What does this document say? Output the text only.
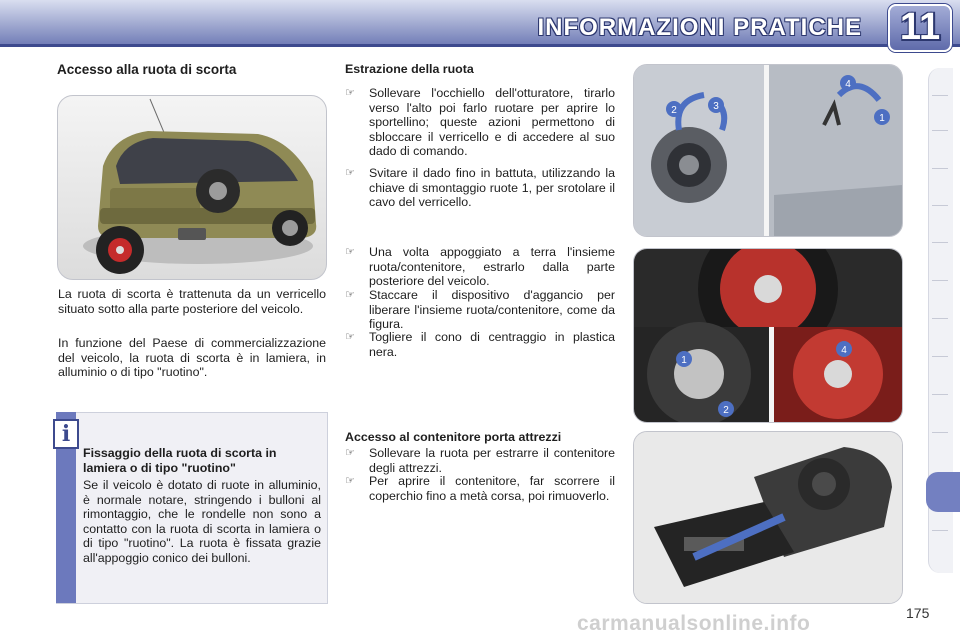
INFORMAZIONI PRATICHE 11
Accesso alla ruota di scorta
La ruota di scorta è trattenuta da un verricello situato sotto alla parte posteriore del veicolo.
In funzione del Paese di commercializzazione del veicolo, la ruota di scorta è in lamiera, in alluminio o di tipo "ruotino".
i
Fissaggio della ruota di scorta in lamiera o di tipo "ruotino"
Se il veicolo è dotato di ruote in alluminio, è normale notare, stringendo i bulloni al rimontaggio, che le rondelle non sono a contatto con la ruota di scorta in lamiera o di tipo "ruotino". La ruota è fissata grazie all'appoggio conico dei bulloni.
Estrazione della ruota
☞	Sollevare l'occhiello dell'otturatore, tirarlo verso l'alto poi farlo ruotare per aprire lo sportellino; queste azioni permettono di sbloccare il verricello e di accedere al suo dado di comando.
☞	Svitare il dado fino in battuta, utilizzando la chiave di smontaggio ruote 1, per srotolare il cavo del verricello.
☞	Una volta appoggiato a terra l'insieme ruota/contenitore, estrarlo dalla parte posteriore del veicolo.
☞	Staccare il dispositivo d'aggancio per liberare l'insieme ruota/contenitore, come da figura.
☞	Togliere il cono di centraggio in plastica nera.
Accesso al contenitore porta attrezzi
☞	Sollevare la ruota per estrarre il contenitore degli attrezzi.
☞	Per aprire il contenitore, far scorrere il coperchio fino a metà corsa, poi rimuoverlo.
2	3
4
1
1
2
4
175
carmanualsonline.info
